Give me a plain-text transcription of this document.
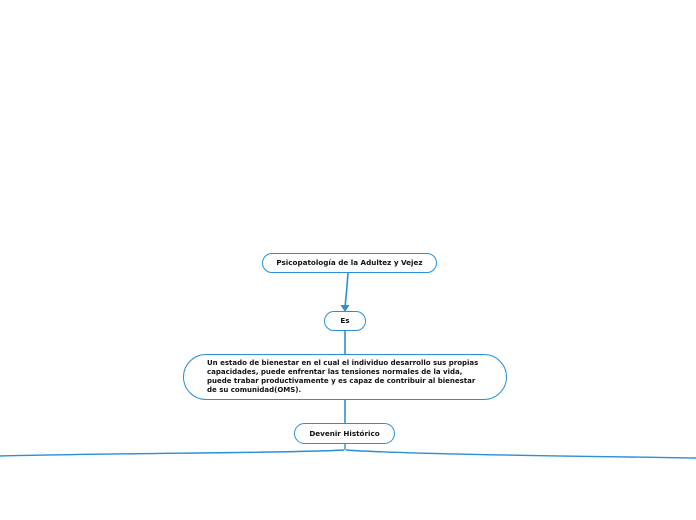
Psicopatología de la Adultez y Vejez
Es
Un estado de bienestar en el cual el individuo desarrollo sus propias
capacidades, puede enfrentar las tensiones normales de la vida,
puede trabar productivamente y es capaz de contribuir al bienestar
de su comunidad(OMS).
Devenir Histórico
